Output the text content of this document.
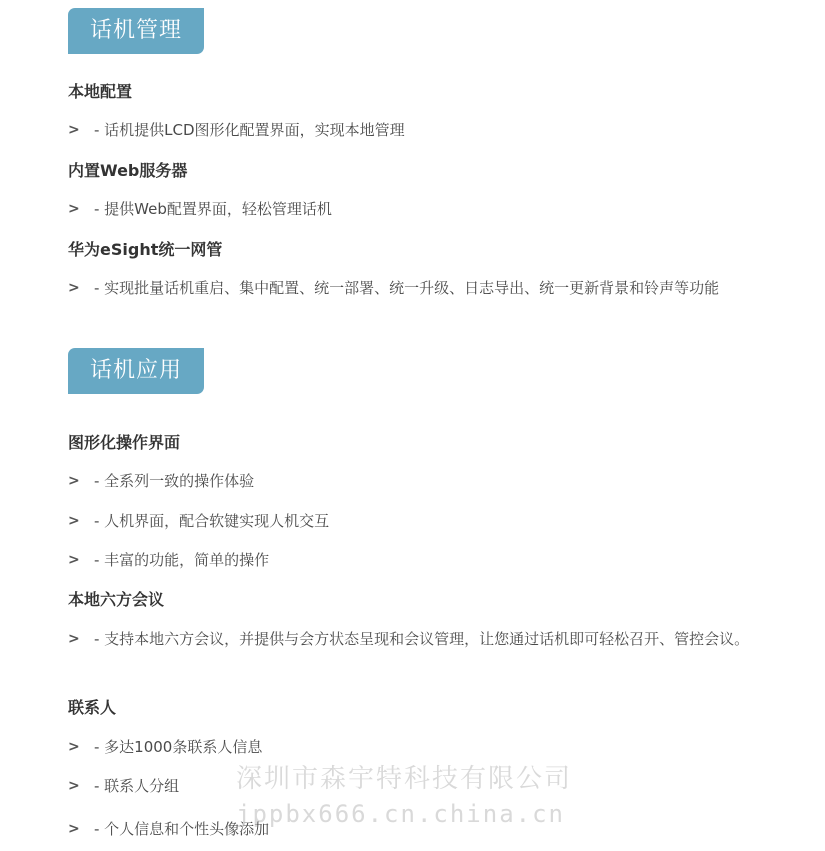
话机管理
本地配置
> - 话机提供LCD图形化配置界面，实现本地管理
内置Web服务器
> - 提供Web配置界面，轻松管理话机
华为eSight统一网管
> - 实现批量话机重启、集中配置、统一部署、统一升级、日志导出、统一更新背景和铃声等功能
话机应用
图形化操作界面
> - 全系列一致的操作体验
> - 人机界面，配合软键实现人机交互
> - 丰富的功能，简单的操作
本地六方会议
> - 支持本地六方会议，并提供与会方状态呈现和会议管理，让您通过话机即可轻松召开、管控会议。
联系人
> - 多达1000条联系人信息
> - 联系人分组
> - 个人信息和个性头像添加
深圳市森宇特科技有限公司
jppbx666.cn.china.cn
